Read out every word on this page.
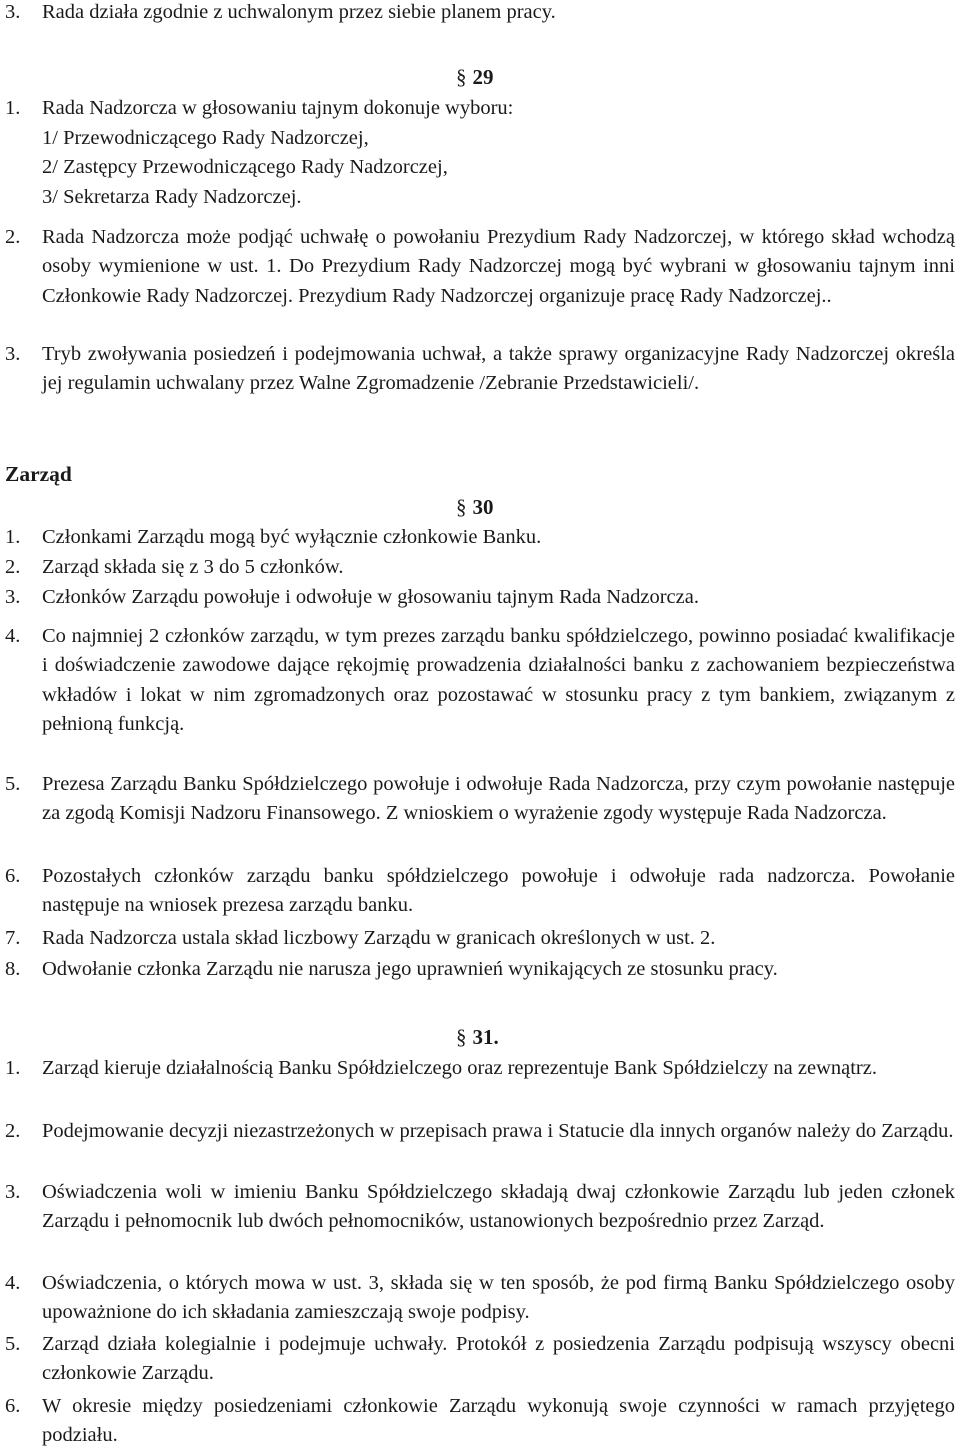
3. Rada działa zgodnie z uchwalonym przez siebie planem pracy.
§ 29
1. Rada Nadzorcza w głosowaniu tajnym dokonuje wyboru:
1/ Przewodniczącego Rady Nadzorczej,
2/ Zastępcy Przewodniczącego Rady Nadzorczej,
3/ Sekretarza Rady Nadzorczej.
2. Rada Nadzorcza może podjąć uchwałę o powołaniu Prezydium Rady Nadzorczej, w którego skład wchodzą osoby wymienione w ust. 1. Do Prezydium Rady Nadzorczej mogą być wybrani w głosowaniu tajnym inni Członkowie Rady Nadzorczej. Prezydium Rady Nadzorczej organizuje pracę Rady Nadzorczej..
3. Tryb zwoływania posiedzeń i podejmowania uchwał, a także sprawy organizacyjne Rady Nadzorczej określa jej regulamin uchwalany przez Walne Zgromadzenie /Zebranie Przedstawicieli/.
Zarząd
§ 30
1. Członkami Zarządu mogą być wyłącznie członkowie Banku.
2. Zarząd składa się z 3 do 5 członków.
3. Członków Zarządu powołuje i odwołuje w głosowaniu tajnym Rada Nadzorcza.
4. Co najmniej 2 członków zarządu, w tym prezes zarządu banku spółdzielczego, powinno posiadać kwalifikacje i doświadczenie zawodowe dające rękojmię prowadzenia działalności banku z zachowaniem bezpieczeństwa wkładów i lokat w nim zgromadzonych oraz pozostawać w stosunku pracy z tym bankiem, związanym z pełnioną funkcją.
5. Prezesa Zarządu Banku Spółdzielczego powołuje i odwołuje Rada Nadzorcza, przy czym powołanie następuje za zgodą Komisji Nadzoru Finansowego. Z wnioskiem o wyrażenie zgody występuje Rada Nadzorcza.
6. Pozostałych członków zarządu banku spółdzielczego powołuje i odwołuje rada nadzorcza. Powołanie następuje na wniosek prezesa zarządu banku.
7. Rada Nadzorcza ustala skład liczbowy Zarządu w granicach określonych w ust. 2.
8. Odwołanie członka Zarządu nie narusza jego uprawnień wynikających ze stosunku pracy.
§ 31.
1. Zarząd kieruje działalnością Banku Spółdzielczego oraz reprezentuje Bank Spółdzielczy na zewnątrz.
2. Podejmowanie decyzji niezastrzeżonych w przepisach prawa i Statucie dla innych organów należy do Zarządu.
3. Oświadczenia woli w imieniu Banku Spółdzielczego składają dwaj członkowie Zarządu lub jeden członek Zarządu i pełnomocnik lub dwóch pełnomocników, ustanowionych bezpośrednio przez Zarząd.
4. Oświadczenia, o których mowa w ust. 3, składa się w ten sposób, że pod firmą Banku Spółdzielczego osoby upoważnione do ich składania zamieszczają swoje podpisy.
5. Zarząd działa kolegialnie i podejmuje uchwały. Protokół z posiedzenia Zarządu podpisują wszyscy obecni członkowie Zarządu.
6. W okresie między posiedzeniami członkowie Zarządu wykonują swoje czynności w ramach przyjętego podziału.
